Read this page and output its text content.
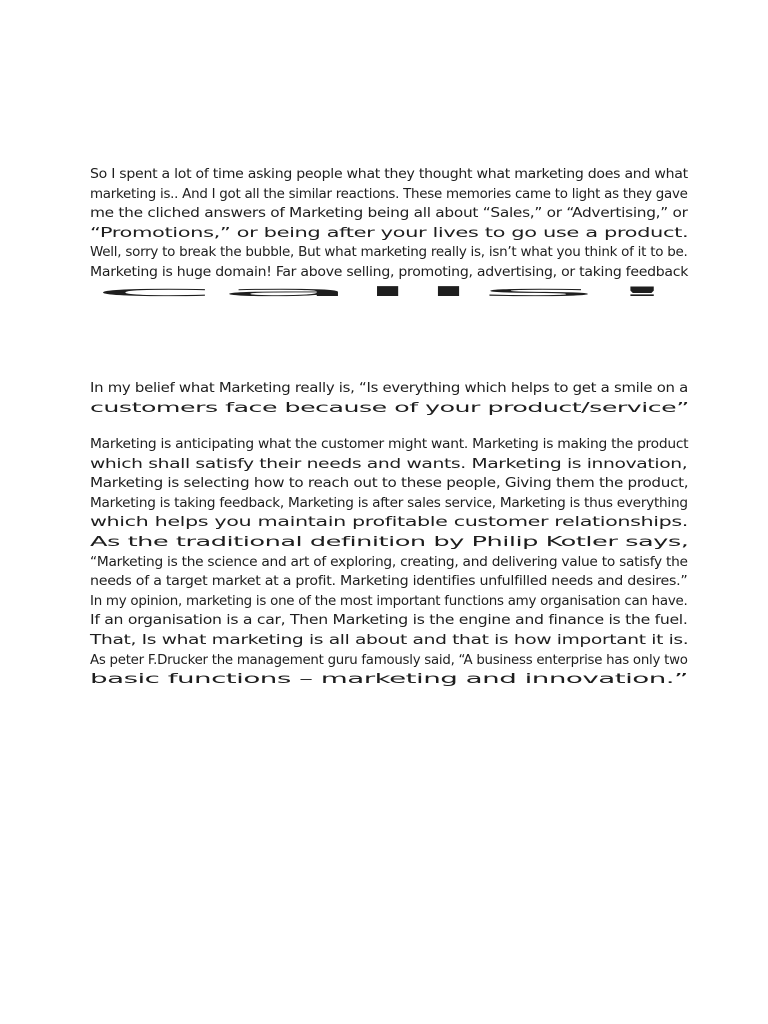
So I spent a lot of time asking people what they thought what marketing does and what

marketing is.. And I got all the similar reactions. These memories came to light as they gave

me the cliched answers of Marketing being all about “Sales,” or “Advertising,” or

“Promotions,” or being after your lives to go use a product.

Well, sorry to break the bubble, But what marketing really is, isn’t what you think of it to be.

Marketing is huge domain! Far above selling, promoting, advertising, or taking feedback

calls!

In my belief what Marketing really is, “Is everything which helps to get a smile on a

customers face because of your product/service”

Marketing is anticipating what the customer might want. Marketing is making the product

which shall satisfy their needs and wants. Marketing is innovation,

Marketing is selecting how to reach out to these people, Giving them the product,

Marketing is taking feedback, Marketing is after sales service, Marketing is thus everything

which helps you maintain profitable customer relationships.

As the traditional definition by Philip Kotler says,

“Marketing is the science and art of exploring, creating, and delivering value to satisfy the

needs of a target market at a profit. Marketing identifies unfulfilled needs and desires.”

In my opinion, marketing is one of the most important functions amy organisation can have.

If an organisation is a car, Then Marketing is the engine and finance is the fuel.

That, Is what marketing is all about and that is how important it is.

As peter F.Drucker the management guru famously said, “A business enterprise has only two

basic functions – marketing and innovation.”
